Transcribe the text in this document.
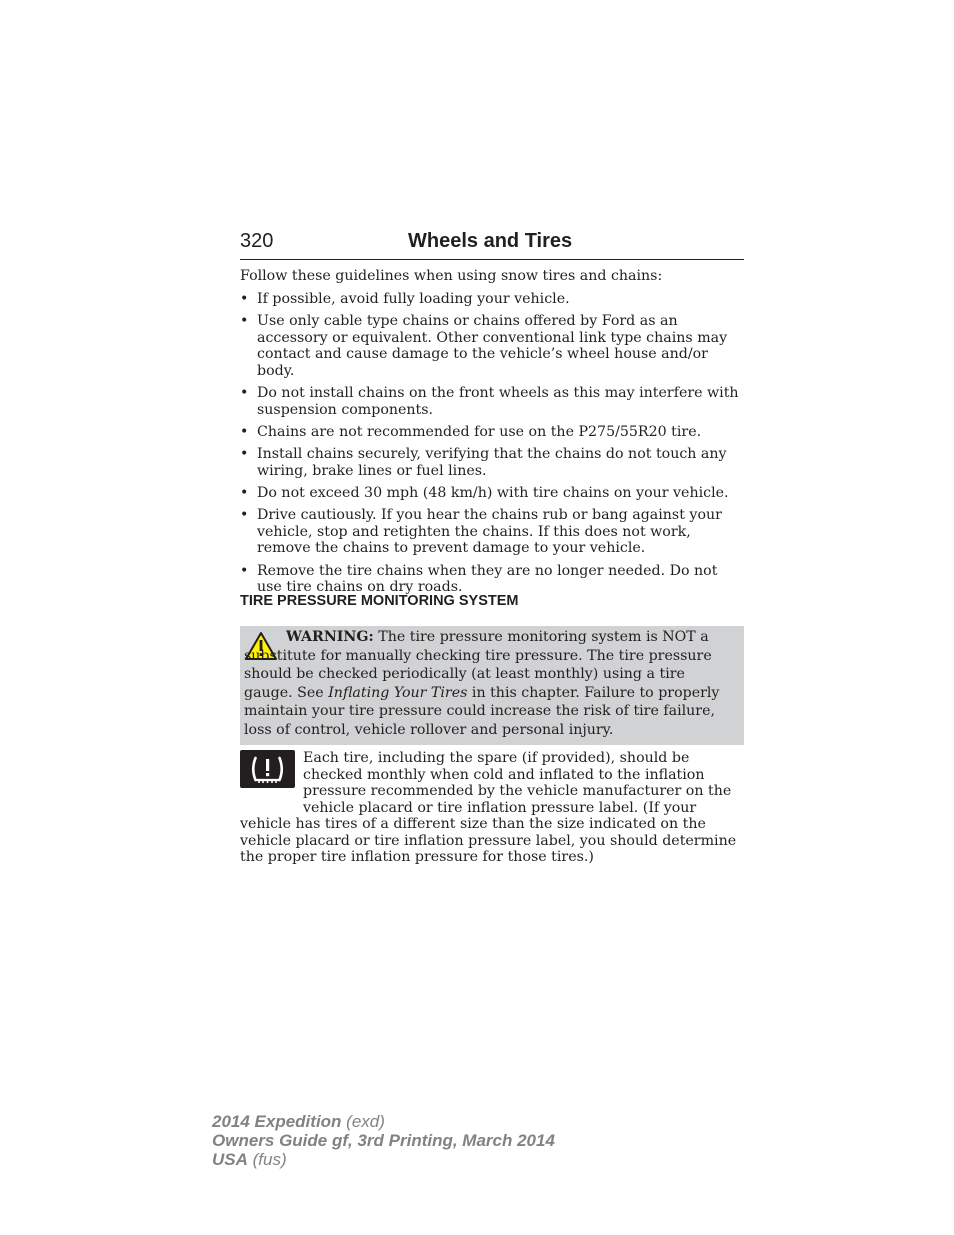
320	Wheels and Tires
Follow these guidelines when using snow tires and chains:
• If possible, avoid fully loading your vehicle.
• Use only cable type chains or chains offered by Ford as an accessory or equivalent. Other conventional link type chains may contact and cause damage to the vehicle’s wheel house and/or body.
• Do not install chains on the front wheels as this may interfere with suspension components.
• Chains are not recommended for use on the P275/55R20 tire.
• Install chains securely, verifying that the chains do not touch any wiring, brake lines or fuel lines.
• Do not exceed 30 mph (48 km/h) with tire chains on your vehicle.
• Drive cautiously. If you hear the chains rub or bang against your vehicle, stop and retighten the chains. If this does not work, remove the chains to prevent damage to your vehicle.
• Remove the tire chains when they are no longer needed. Do not use tire chains on dry roads.
TIRE PRESSURE MONITORING SYSTEM

WARNING: The tire pressure monitoring system is NOT a substitute for manually checking tire pressure. The tire pressure should be checked periodically (at least monthly) using a tire gauge. See Inflating Your Tires in this chapter. Failure to properly maintain your tire pressure could increase the risk of tire failure, loss of control, vehicle rollover and personal injury.

Each tire, including the spare (if provided), should be checked monthly when cold and inflated to the inflation pressure recommended by the vehicle manufacturer on the vehicle placard or tire inflation pressure label. (If your vehicle has tires of a different size than the size indicated on the vehicle placard or tire inflation pressure label, you should determine the proper tire inflation pressure for those tires.)

2014 Expedition (exd)
Owners Guide gf, 3rd Printing, March 2014
USA (fus)
